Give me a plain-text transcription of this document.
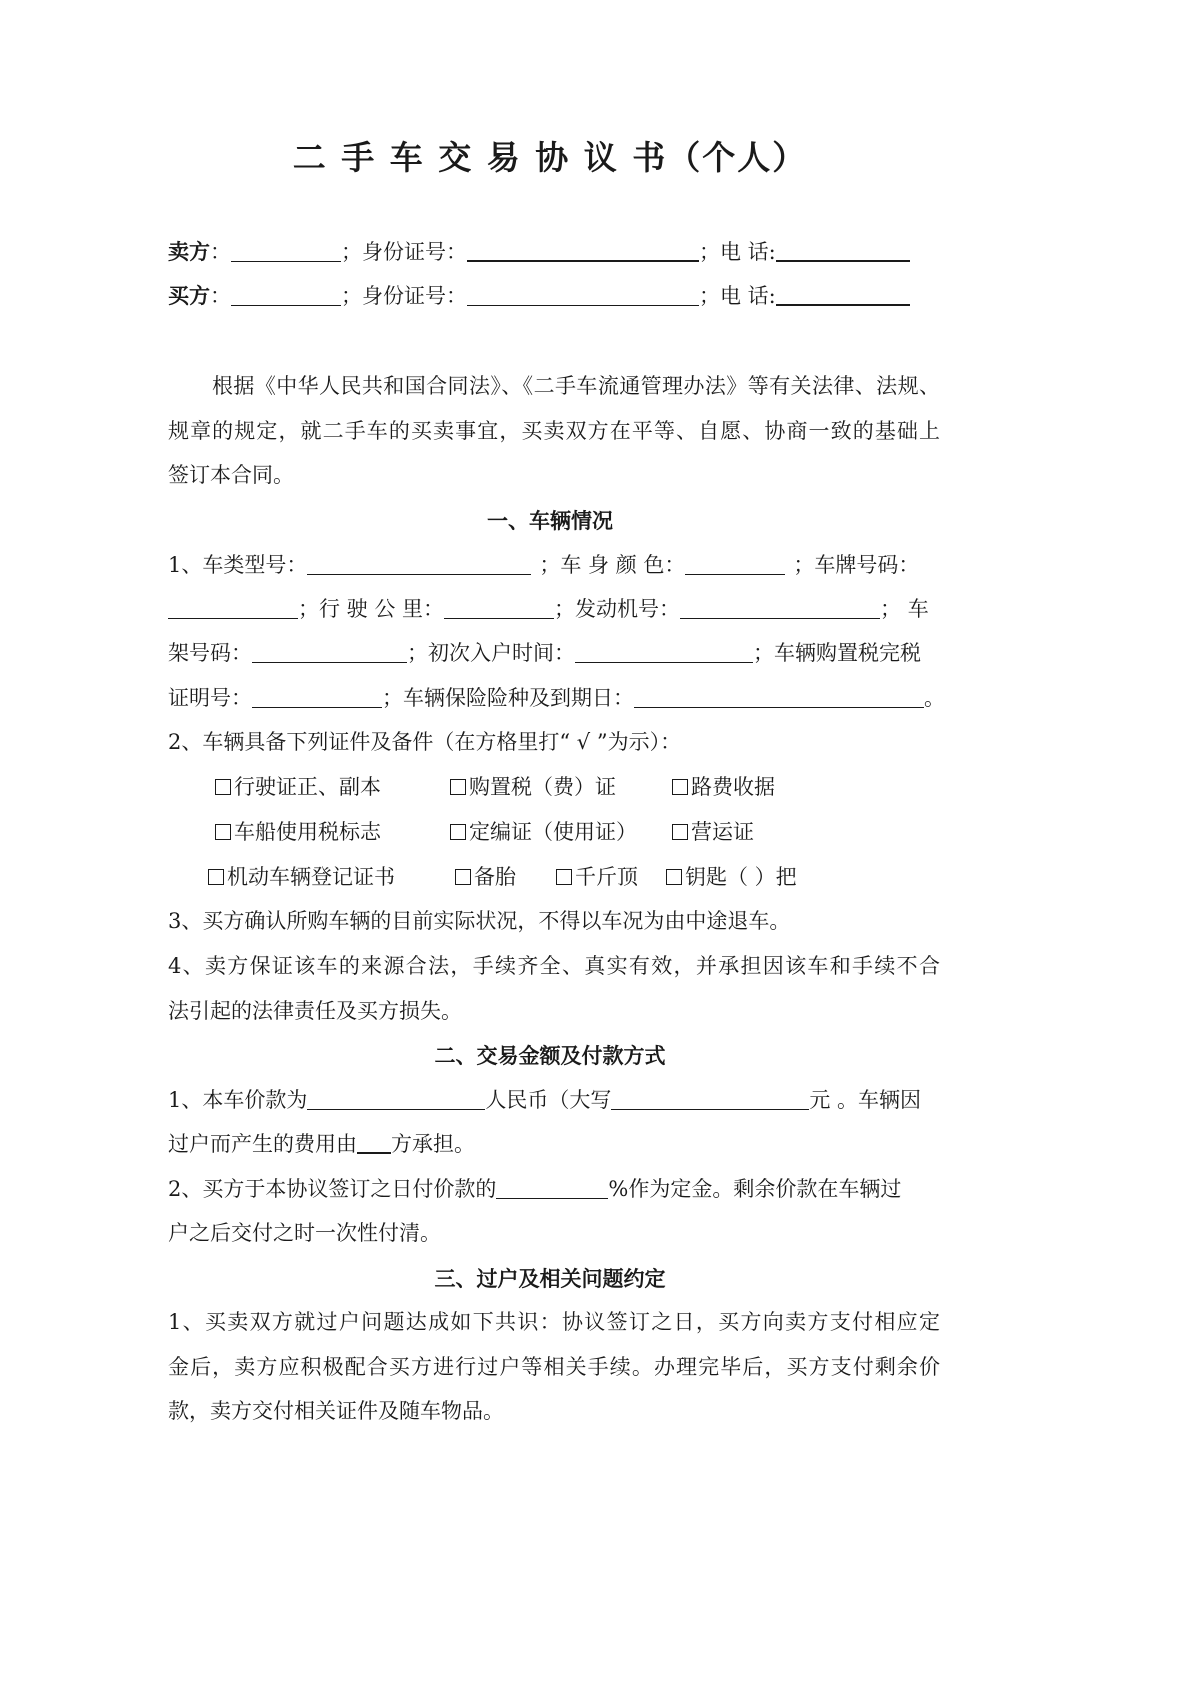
二 手 车 交 易 协 议 书（个人）
卖方：	；身份证号：	；电 话:
买方：	；身份证号：	；电 话:
根据《中华人民共和国合同法》、《二手车流通管理办法》等有关法律、法规、
规章的规定，就二手车的买卖事宜，买卖双方在平等、自愿、协商一致的基础上
签订本合同。
一、车辆情况
1、车类型号：	；车 身 颜 色：	；车牌号码：
；行 驶 公 里：	；发动机号：	； 车
架号码：	；初次入户时间：	；车辆购置税完税
证明号：	；车辆保险险种及到期日：	。
2、车辆具备下列证件及备件（在方格里打“ √ ”为示）：
行驶证正、副本	购置税（费）证	路费收据
车船使用税标志	定编证（使用证）	营运证
机动车辆登记证书	备胎	千斤顶	钥匙（ ）把
3、买方确认所购车辆的目前实际状况，不得以车况为由中途退车。
4、卖方保证该车的来源合法，手续齐全、真实有效，并承担因该车和手续不合
法引起的法律责任及买方损失。
二、交易金额及付款方式
1、本车价款为	人民币（大写	元 。车辆因
过户而产生的费用由 方承担。
2、买方于本协议签订之日付价款的	%作为定金。剩余价款在车辆过
户之后交付之时一次性付清。
三、过户及相关问题约定
1、买卖双方就过户问题达成如下共识：协议签订之日，买方向卖方支付相应定
金后，卖方应积极配合买方进行过户等相关手续。办理完毕后，买方支付剩余价
款，卖方交付相关证件及随车物品。
